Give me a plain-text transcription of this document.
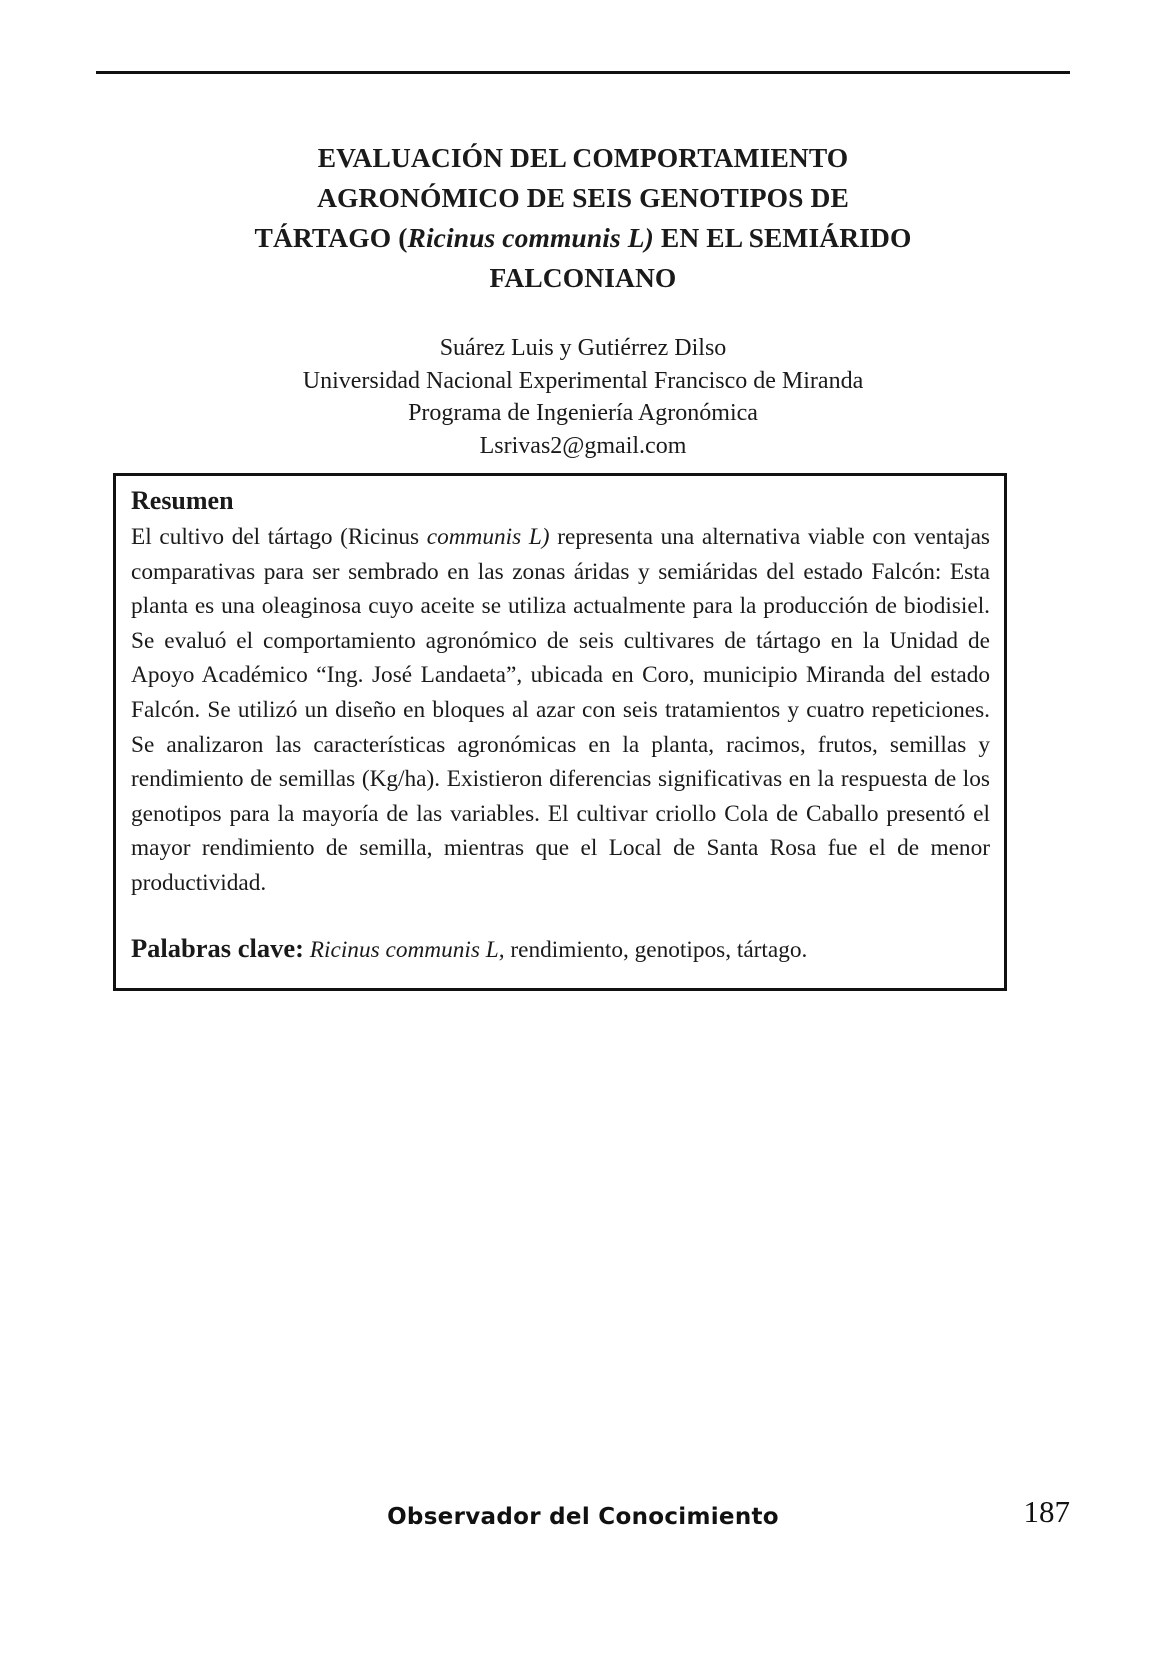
EVALUACIÓN DEL COMPORTAMIENTO
AGRONÓMICO DE SEIS GENOTIPOS DE
TÁRTAGO (Ricinus communis L) EN EL SEMIÁRIDO
FALCONIANO
Suárez Luis y Gutiérrez Dilso
Universidad Nacional Experimental Francisco de Miranda
Programa de Ingeniería Agronómica
Lsrivas2@gmail.com
Resumen

El cultivo del tártago (Ricinus communis L) representa una alternativa viable con ventajas comparativas para ser sembrado en las zonas áridas y semiáridas del estado Falcón: Esta planta es una oleaginosa cuyo aceite se utiliza actualmente para la producción de biodisiel. Se evaluó el comportamiento agronómico de seis cultivares de tártago en la Unidad de Apoyo Académico “Ing. José Landaeta”, ubicada en Coro, municipio Miranda del estado Falcón. Se utilizó un diseño en bloques al azar con seis tratamientos y cuatro repeticiones. Se analizaron las características agronómicas en la planta, racimos, frutos, semillas y rendimiento de semillas (Kg/ha). Existieron diferencias significativas en la respuesta de los genotipos para la mayoría de las variables. El cultivar criollo Cola de Caballo presentó el mayor rendimiento de semilla, mientras que el Local de Santa Rosa fue el de menor productividad.

Palabras clave: Ricinus communis L, rendimiento, genotipos, tártago.
Observador del Conocimiento	187
